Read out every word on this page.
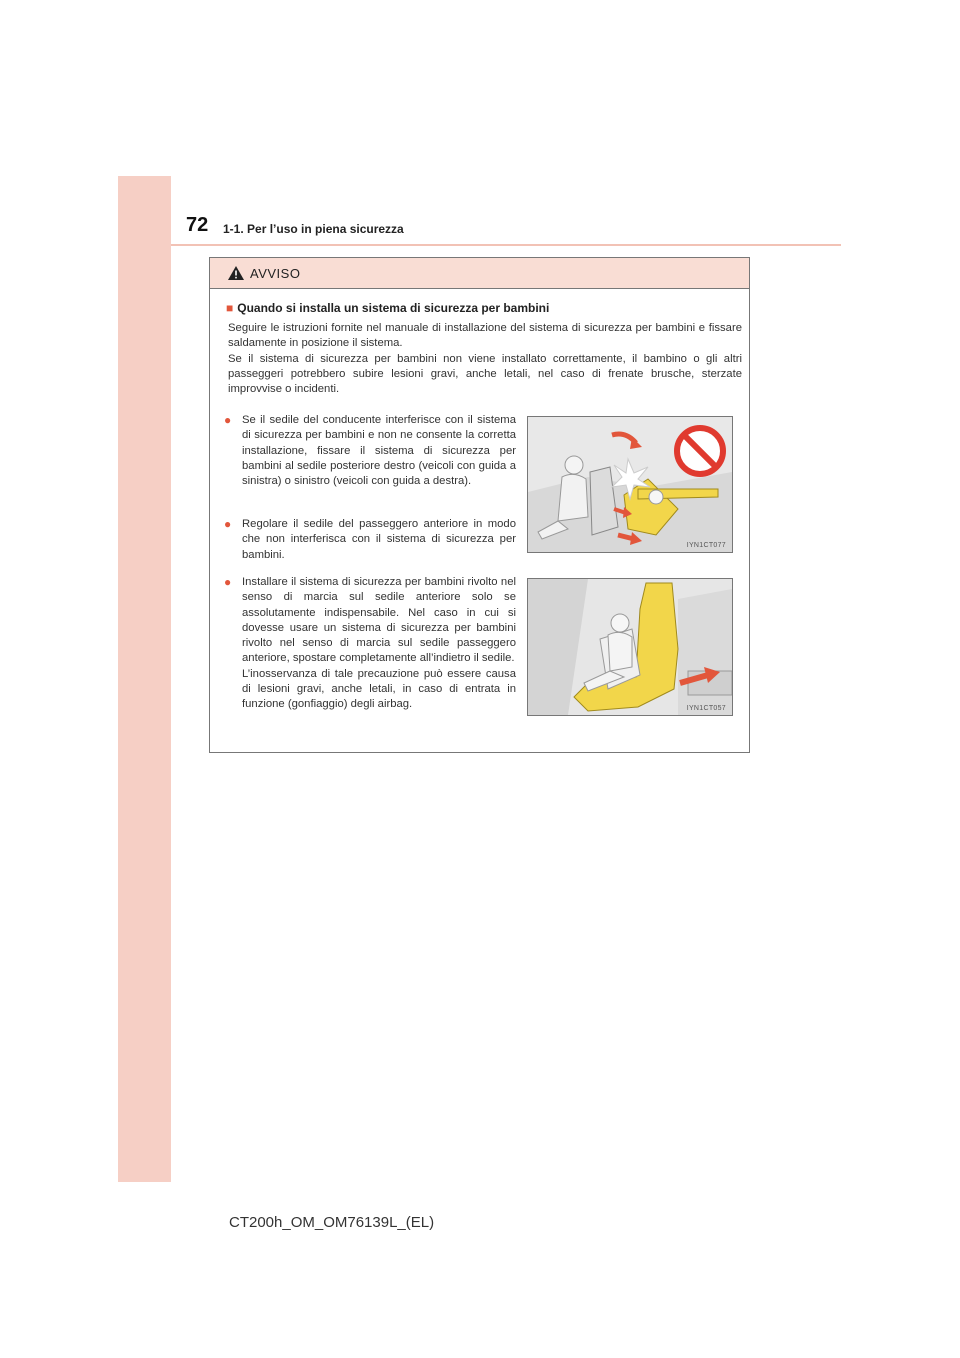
72 1-1. Per l’uso in piena sicurezza
AVVISO
■ Quando si installa un sistema di sicurezza per bambini

Seguire le istruzioni fornite nel manuale di installazione del sistema di sicurezza per bambini e fissare saldamente in posizione il sistema.

Se il sistema di sicurezza per bambini non viene installato correttamente, il bambino o gli altri passeggeri potrebbero subire lesioni gravi, anche letali, nel caso di frenate brusche, sterzate improvvise o incidenti.

● Se il sedile del conducente interferisce con il sistema di sicurezza per bambini e non ne consente la corretta installazione, fissare il sistema di sicurezza per bambini al sedile posteriore destro (veicoli con guida a sinistra) o sinistro (veicoli con guida a destra).
● Regolare il sedile del passeggero anteriore in modo che non interferisca con il sistema di sicurezza per bambini.
● Installare il sistema di sicurezza per bambini rivolto nel senso di marcia sul sedile anteriore solo se assolutamente indispensabile. Nel caso in cui si dovesse usare un sistema di sicurezza per bambini rivolto nel senso di marcia sul sedile passeggero anteriore, spostare completamente all’indietro il sedile.
L’inosservanza di tale precauzione può essere causa di lesioni gravi, anche letali, in caso di entrata in funzione (gonfiaggio) degli airbag.
IYN1CT077
IYN1CT057
CT200h_OM_OM76139L_(EL)
